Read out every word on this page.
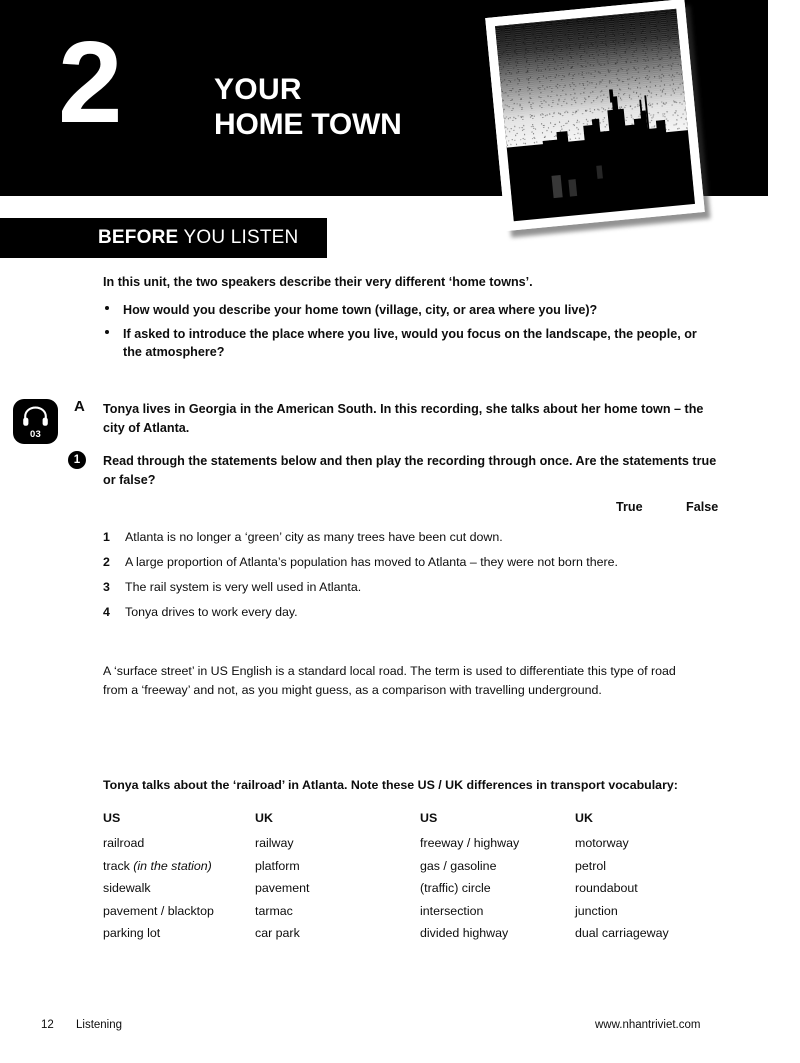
2	YOUR
HOME TOWN
BEFORE YOU LISTEN
In this unit, the two speakers describe their very different ‘home towns’.
How would you describe your home town (village, city, or area where you live)?
If asked to introduce the place where you live, would you focus on the landscape, the people, or the atmosphere?
03
A Tonya lives in Georgia in the American South. In this recording, she talks about her home town – the city of Atlanta.
1	Read through the statements below and then play the recording through once. Are the statements true or false?
True	False
1 Atlanta is no longer a ‘green’ city as many trees have been cut down.
2 A large proportion of Atlanta’s population has moved to Atlanta – they were not born there.
3 The rail system is very well used in Atlanta.
4 Tonya drives to work every day.
A ‘surface street’ in US English is a standard local road. The term is used to differentiate this type of road from a ‘freeway’ and not, as you might guess, as a comparison with travelling underground.
Tonya talks about the ‘railroad’ in Atlanta. Note these US / UK differences in transport vocabulary:
US	UK	US	UK
railroad	railway	freeway / highway	motorway
track (in the station)	platform	gas / gasoline	petrol
sidewalk	pavement	(traffic) circle	roundabout
pavement / blacktop	tarmac	intersection	junction
parking lot	car park	divided highway	dual carriageway
12 Listening	www.nhantriviet.com
